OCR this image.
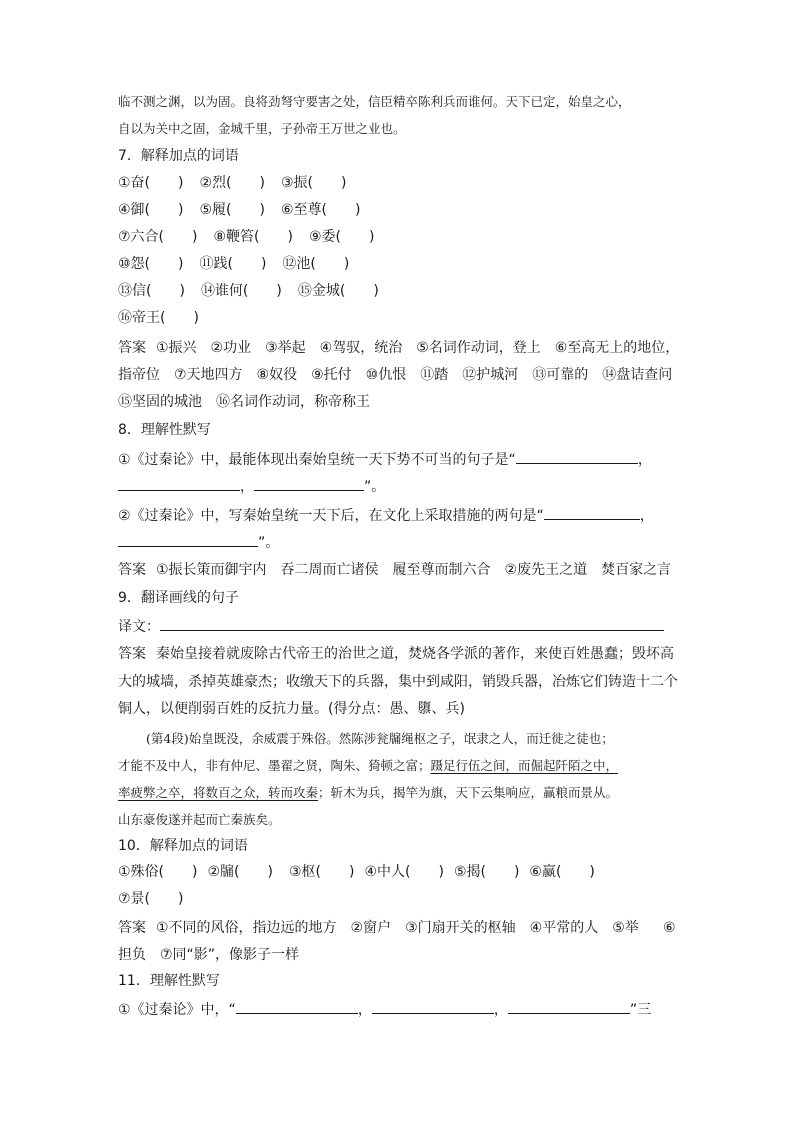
临不测之渊，以为固。良将劲弩守要害之处，信臣精卒陈利兵而谁何。天下已定，始皇之心，
自以为关中之固，金城千里，子孙帝王万世之业也。
7．解释加点的词语
①奋(　　) ②烈(　　) ③振(　　)
④御(　　) ⑤履(　　) ⑥至尊(　　)
⑦六合(　　) ⑧鞭笞(　　) ⑨委(　　)
⑩怨(　　) ⑪践(　　) ⑫池(　　)
⑬信(　　) ⑭谁何(　　) ⑮金城(　　)
⑯帝王(　　)
答案 ①振兴　②功业　③举起　④驾驭，统治　⑤名词作动词，登上　⑥至高无上的地位，
指帝位　⑦天地四方　⑧奴役　⑨托付　⑩仇恨　⑪踏　⑫护城河　⑬可靠的　⑭盘诘查问
⑮坚固的城池　⑯名词作动词，称帝称王
8．理解性默写
①《过秦论》中，最能体现出秦始皇统一天下势不可当的句子是“	，
，	”。
②《过秦论》中，写秦始皇统一天下后，在文化上采取措施的两句是“	，
”。
答案 ①振长策而御宇内　吞二周而亡诸侯　履至尊而制六合　②废先王之道　焚百家之言
9．翻译画线的句子
译文：
答案 秦始皇接着就废除古代帝王的治世之道，焚烧各学派的著作，来使百姓愚蠢；毁坏高
大的城墙，杀掉英雄豪杰；收缴天下的兵器，集中到咸阳，销毁兵器，冶炼它们铸造十二个
铜人，以便削弱百姓的反抗力量。(得分点：愚、隳、兵)
(第4段)始皇既没，余威震于殊俗。然陈涉瓮牖绳枢之子，氓隶之人，而迁徙之徒也；
才能不及中人，非有仲尼、墨翟之贤，陶朱、猗顿之富；蹑足行伍之间，而倔起阡陌之中，
率疲弊之卒，将数百之众，转而攻秦；斩木为兵，揭竿为旗，天下云集响应，赢粮而景从。
山东豪俊遂并起而亡秦族矣。
10．解释加点的词语
①殊俗(　　) ②牖(　　) ③枢(　　) ④中人(　　) ⑤揭(　　) ⑥赢(　　)
⑦景(　　)
答案 ①不同的风俗，指边远的地方　②窗户　③门扇开关的枢轴　④平常的人　⑤举 ⑥
担负　⑦同“影”，像影子一样
11．理解性默写
①《过秦论》中，“	，	，	”三
